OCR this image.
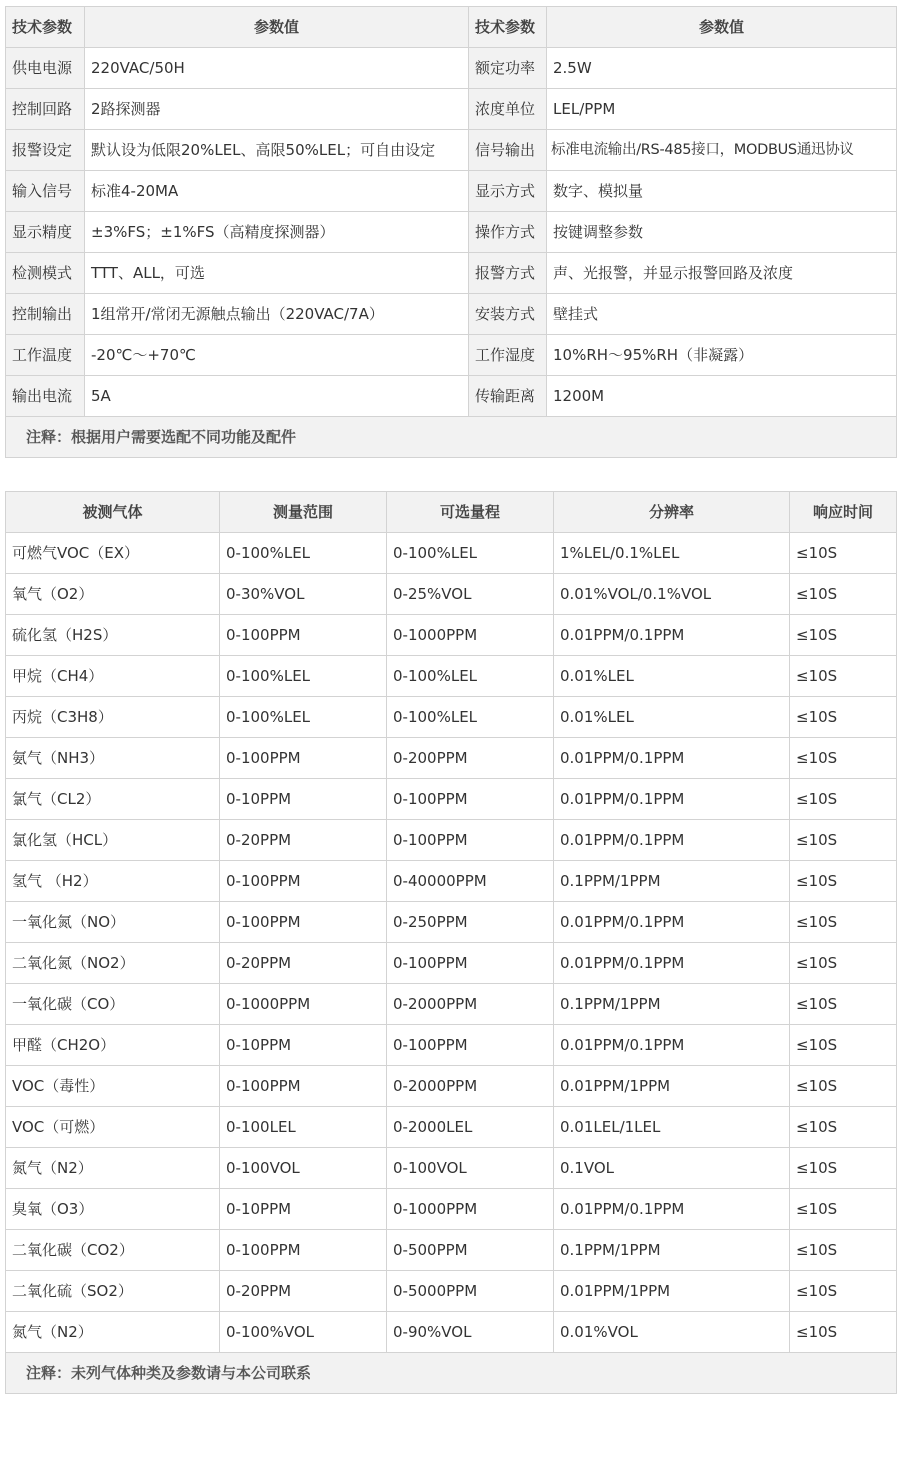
技术参数	参数值	技术参数	参数值
供电电源	220VAC/50H	额定功率	2.5W
控制回路	2路探测器	浓度单位	LEL/PPM
报警设定	默认设为低限20%LEL、高限50%LEL；可自由设定	信号输出	标准电流输出/RS-485接口，MODBUS通迅协议
输入信号	标准4-20MA	显示方式	数字、模拟量
显示精度	±3%FS；±1%FS（高精度探测器）	操作方式	按键调整参数
检测模式	TTT、ALL，可选	报警方式	声、光报警，并显示报警回路及浓度
控制输出	1组常开/常闭无源触点输出（220VAC/7A）	安装方式	壁挂式
工作温度	-20℃～+70℃	工作湿度	10%RH～95%RH（非凝露）
输出电流	5A	传输距离	1200M
注释：根据用户需要选配不同功能及配件			
被测气体	测量范围	可选量程	分辨率	响应时间
可燃气VOC（EX）	0-100%LEL	0-100%LEL	1%LEL/0.1%LEL	≤10S
氧气（O2）	0-30%VOL	0-25%VOL	0.01%VOL/0.1%VOL	≤10S
硫化氢（H2S）	0-100PPM	0-1000PPM	0.01PPM/0.1PPM	≤10S
甲烷（CH4）	0-100%LEL	0-100%LEL	0.01%LEL	≤10S
丙烷（C3H8）	0-100%LEL	0-100%LEL	0.01%LEL	≤10S
氨气（NH3）	0-100PPM	0-200PPM	0.01PPM/0.1PPM	≤10S
氯气（CL2）	0-10PPM	0-100PPM	0.01PPM/0.1PPM	≤10S
氯化氢（HCL）	0-20PPM	0-100PPM	0.01PPM/0.1PPM	≤10S
氢气 （H2）	0-100PPM	0-40000PPM	0.1PPM/1PPM	≤10S
一氧化氮（NO）	0-100PPM	0-250PPM	0.01PPM/0.1PPM	≤10S
二氧化氮（NO2）	0-20PPM	0-100PPM	0.01PPM/0.1PPM	≤10S
一氧化碳（CO）	0-1000PPM	0-2000PPM	0.1PPM/1PPM	≤10S
甲醛（CH2O）	0-10PPM	0-100PPM	0.01PPM/0.1PPM	≤10S
VOC（毒性）	0-100PPM	0-2000PPM	0.01PPM/1PPM	≤10S
VOC（可燃）	0-100LEL	0-2000LEL	0.01LEL/1LEL	≤10S
氮气（N2）	0-100VOL	0-100VOL	0.1VOL	≤10S
臭氧（O3）	0-10PPM	0-1000PPM	0.01PPM/0.1PPM	≤10S
二氧化碳（CO2）	0-100PPM	0-500PPM	0.1PPM/1PPM	≤10S
二氧化硫（SO2）	0-20PPM	0-5000PPM	0.01PPM/1PPM	≤10S
氮气（N2）	0-100%VOL	0-90%VOL	0.01%VOL	≤10S
注释：未列气体种类及参数请与本公司联系				
